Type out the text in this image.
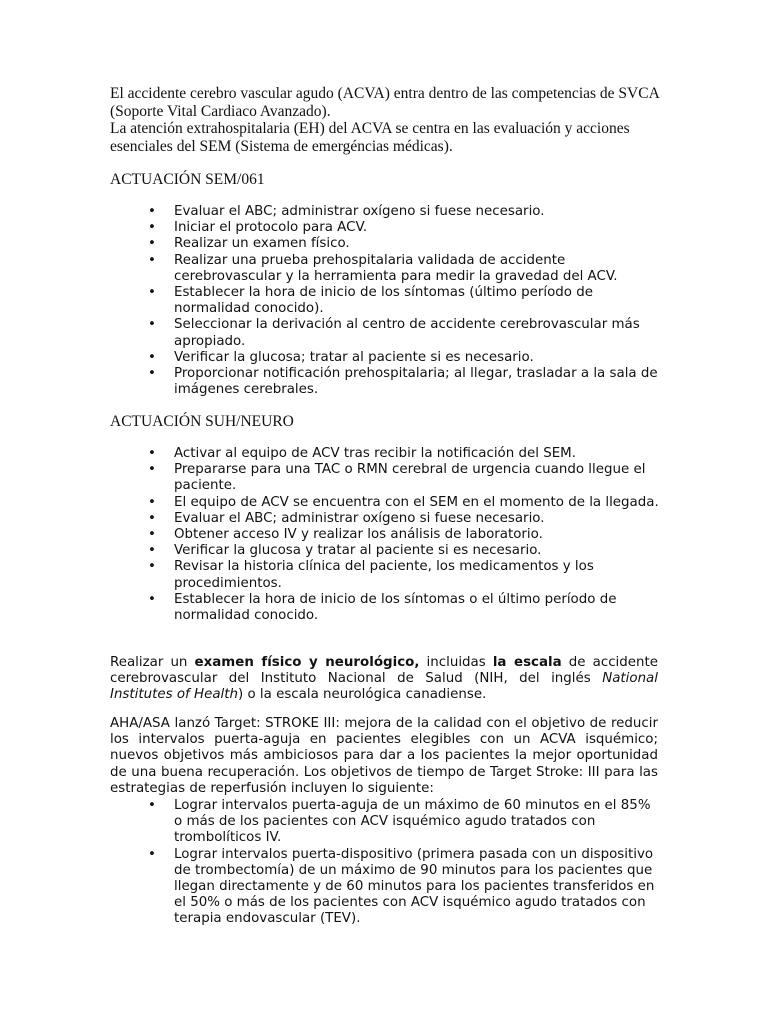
El accidente cerebro vascular agudo (ACVA) entra dentro de las competencias de SVCA (Soporte Vital Cardiaco Avanzado).

La atención extrahospitalaria (EH) del ACVA se centra en las evaluación y acciones esenciales del SEM (Sistema de emergéncias médicas).

ACTUACIÓN SEM/061
• Evaluar el ABC; administrar oxígeno si fuese necesario.
• Iniciar el protocolo para ACV.
• Realizar un examen físico.
• Realizar una prueba prehospitalaria validada de accidente cerebrovascular y la herramienta para medir la gravedad del ACV.
• Establecer la hora de inicio de los síntomas (último período de normalidad conocido).
• Seleccionar la derivación al centro de accidente cerebrovascular más apropiado.
• Verificar la glucosa; tratar al paciente si es necesario.
• Proporcionar notificación prehospitalaria; al llegar, trasladar a la sala de imágenes cerebrales.
ACTUACIÓN SUH/NEURO
• Activar al equipo de ACV tras recibir la notificación del SEM.
• Prepararse para una TAC o RMN cerebral de urgencia cuando llegue el paciente.
• El equipo de ACV se encuentra con el SEM en el momento de la llegada.
• Evaluar el ABC; administrar oxígeno si fuese necesario.
• Obtener acceso IV y realizar los análisis de laboratorio.
• Verificar la glucosa y tratar al paciente si es necesario.
• Revisar la historia clínica del paciente, los medicamentos y los procedimientos.
• Establecer la hora de inicio de los síntomas o el último período de normalidad conocido.

Realizar un examen físico y neurológico, incluidas la escala de accidente cerebrovascular del Instituto Nacional de Salud (NIH, del inglés National Institutes of Health) o la escala neurológica canadiense.

AHA/ASA lanzó Target: STROKE III: mejora de la calidad con el objetivo de reducir los intervalos puerta-aguja en pacientes elegibles con un ACVA isquémico; nuevos objetivos más ambiciosos para dar a los pacientes la mejor oportunidad de una buena recuperación. Los objetivos de tiempo de Target Stroke: III para las estrategias de reperfusión incluyen lo siguiente:

• Lograr intervalos puerta-aguja de un máximo de 60 minutos en el 85% o más de los pacientes con ACV isquémico agudo tratados con trombolíticos IV.
• Lograr intervalos puerta-dispositivo (primera pasada con un dispositivo de trombectomía) de un máximo de 90 minutos para los pacientes que llegan directamente y de 60 minutos para los pacientes transferidos en el 50% o más de los pacientes con ACV isquémico agudo tratados con terapia endovascular (TEV).
